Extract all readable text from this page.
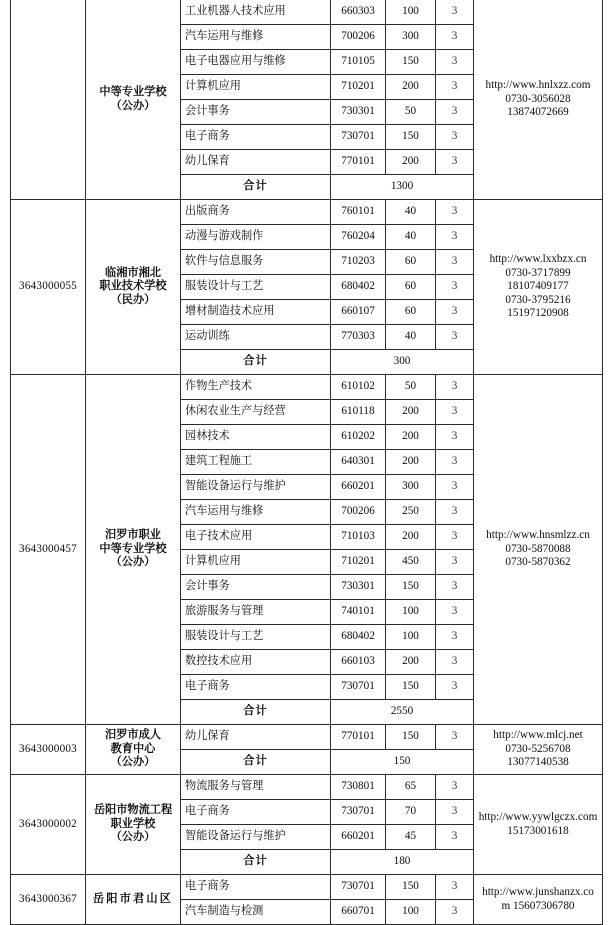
	中等专业学校
（公办）	工业机器人技术应用	660303	100	3	http://www.hnlxzz.com
0730-3056028
13874072669

		汽车运用与维修	700206	300	3	
		电子电器应用与维修	710105	150	3	
		计算机应用	710201	200	3	
		会计事务	730301	50	3	
		电子商务	730701	150	3	
		幼儿保育	770101	200	3	
		合计	1300			
3643000055	临湘市湘北
职业技术学校
（民办）	出版商务	760101	40	3	http://www.lxxbzx.cn
0730-3717899
18107409177
0730-3795216
15197120908

		动漫与游戏制作	760204	40	3	
		软件与信息服务	710203	60	3	
		服装设计与工艺	680402	60	3	
		增材制造技术应用	660107	60	3	
		运动训练	770303	40	3	
		合计	300			
3643000457	汨罗市职业
中等专业学校
（公办）	作物生产技术	610102	50	3	http://www.hnsmlzz.cn
0730-5870088
0730-5870362

		休闲农业生产与经营	610118	200	3	
		园林技术	610202	200	3	
		建筑工程施工	640301	200	3	
		智能设备运行与维护	660201	300	3	
		汽车运用与维修	700206	250	3	
		电子技术应用	710103	200	3	
		计算机应用	710201	450	3	
		会计事务	730301	150	3	
		旅游服务与管理	740101	100	3	
		服装设计与工艺	680402	100	3	
		数控技术应用	660103	200	3	
		电子商务	730701	150	3	
		合计	2550			
3643000003	汨罗市成人
教育中心
（公办）	幼儿保育	770101	150	3	http://www.mlcj.net
0730-5256708
13077140538

		合计	150			
3643000002	岳阳市物流工程
职业学校
（公办）	物流服务与管理	730801	65	3	http://www.yywlgczx.com
15173001618

		电子商务	730701	70	3	
		智能设备运行与维护	660201	45	3	
		合计	180			
3643000367	岳阳市君山区	电子商务	730701	150	3	http://www.junshanzx.co
m 15607306780

		汽车制造与检测	660701	100	3	
